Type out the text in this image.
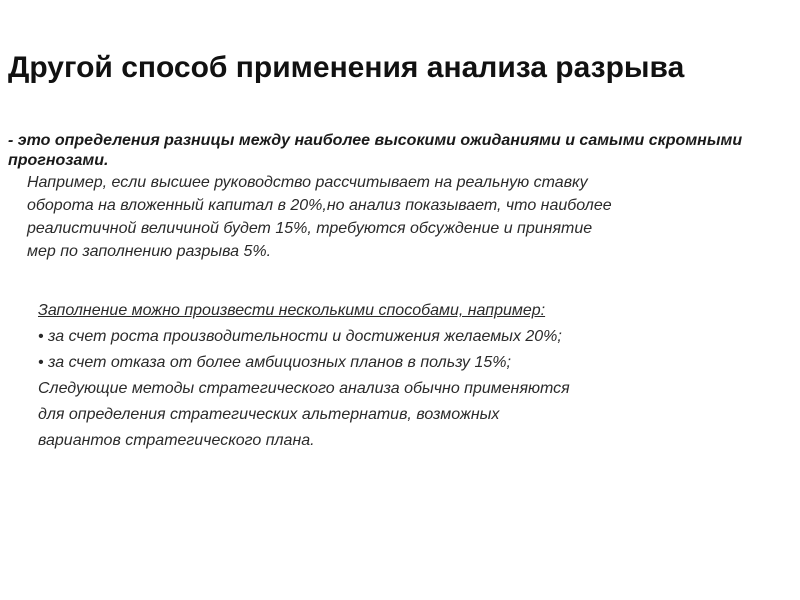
Другой способ применения анализа разрыва

- это определения разницы между наиболее высокими ожиданиями и самыми скромными прогнозами.

Например, если высшее руководство рассчитывает на реальную ставку
оборота на вложенный капитал в 20%,но анализ показывает, что наиболее
реалистичной величиной будет 15%, требуются обсуждение и принятие
мер по заполнению разрыва 5%.

Заполнение можно произвести несколькими способами, например:
• за счет роста производительности и достижения желаемых 20%;
• за счет отказа от более амбициозных планов в пользу 15%;
Следующие методы стратегического анализа обычно применяются
для определения стратегических альтернатив, возможных
вариантов стратегического плана.
